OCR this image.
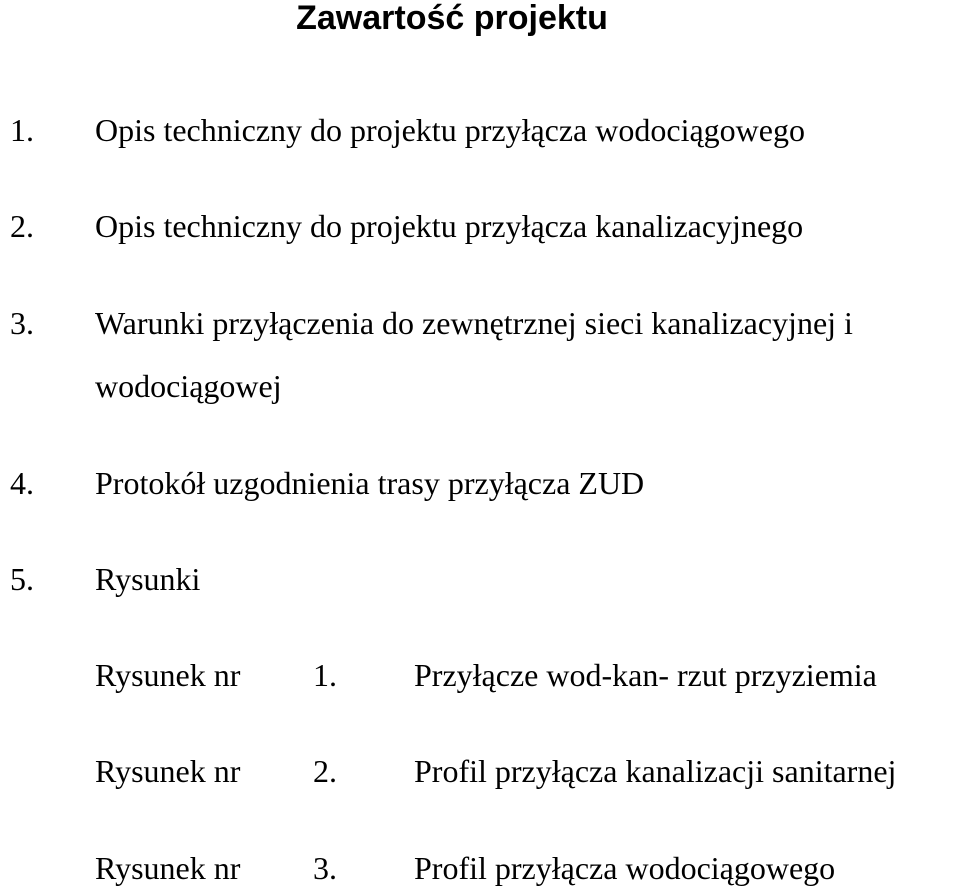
Zawartość projektu
1. Opis techniczny do projektu przyłącza wodociągowego
2. Opis techniczny do projektu przyłącza kanalizacyjnego
3. Warunki przyłączenia do zewnętrznej sieci kanalizacyjnej i
wodociągowej
4. Protokół uzgodnienia trasy przyłącza ZUD
5. Rysunki
Rysunek nr 1. Przyłącze wod-kan- rzut przyziemia
Rysunek nr 2. Profil przyłącza kanalizacji sanitarnej
Rysunek nr 3. Profil przyłącza wodociągowego
